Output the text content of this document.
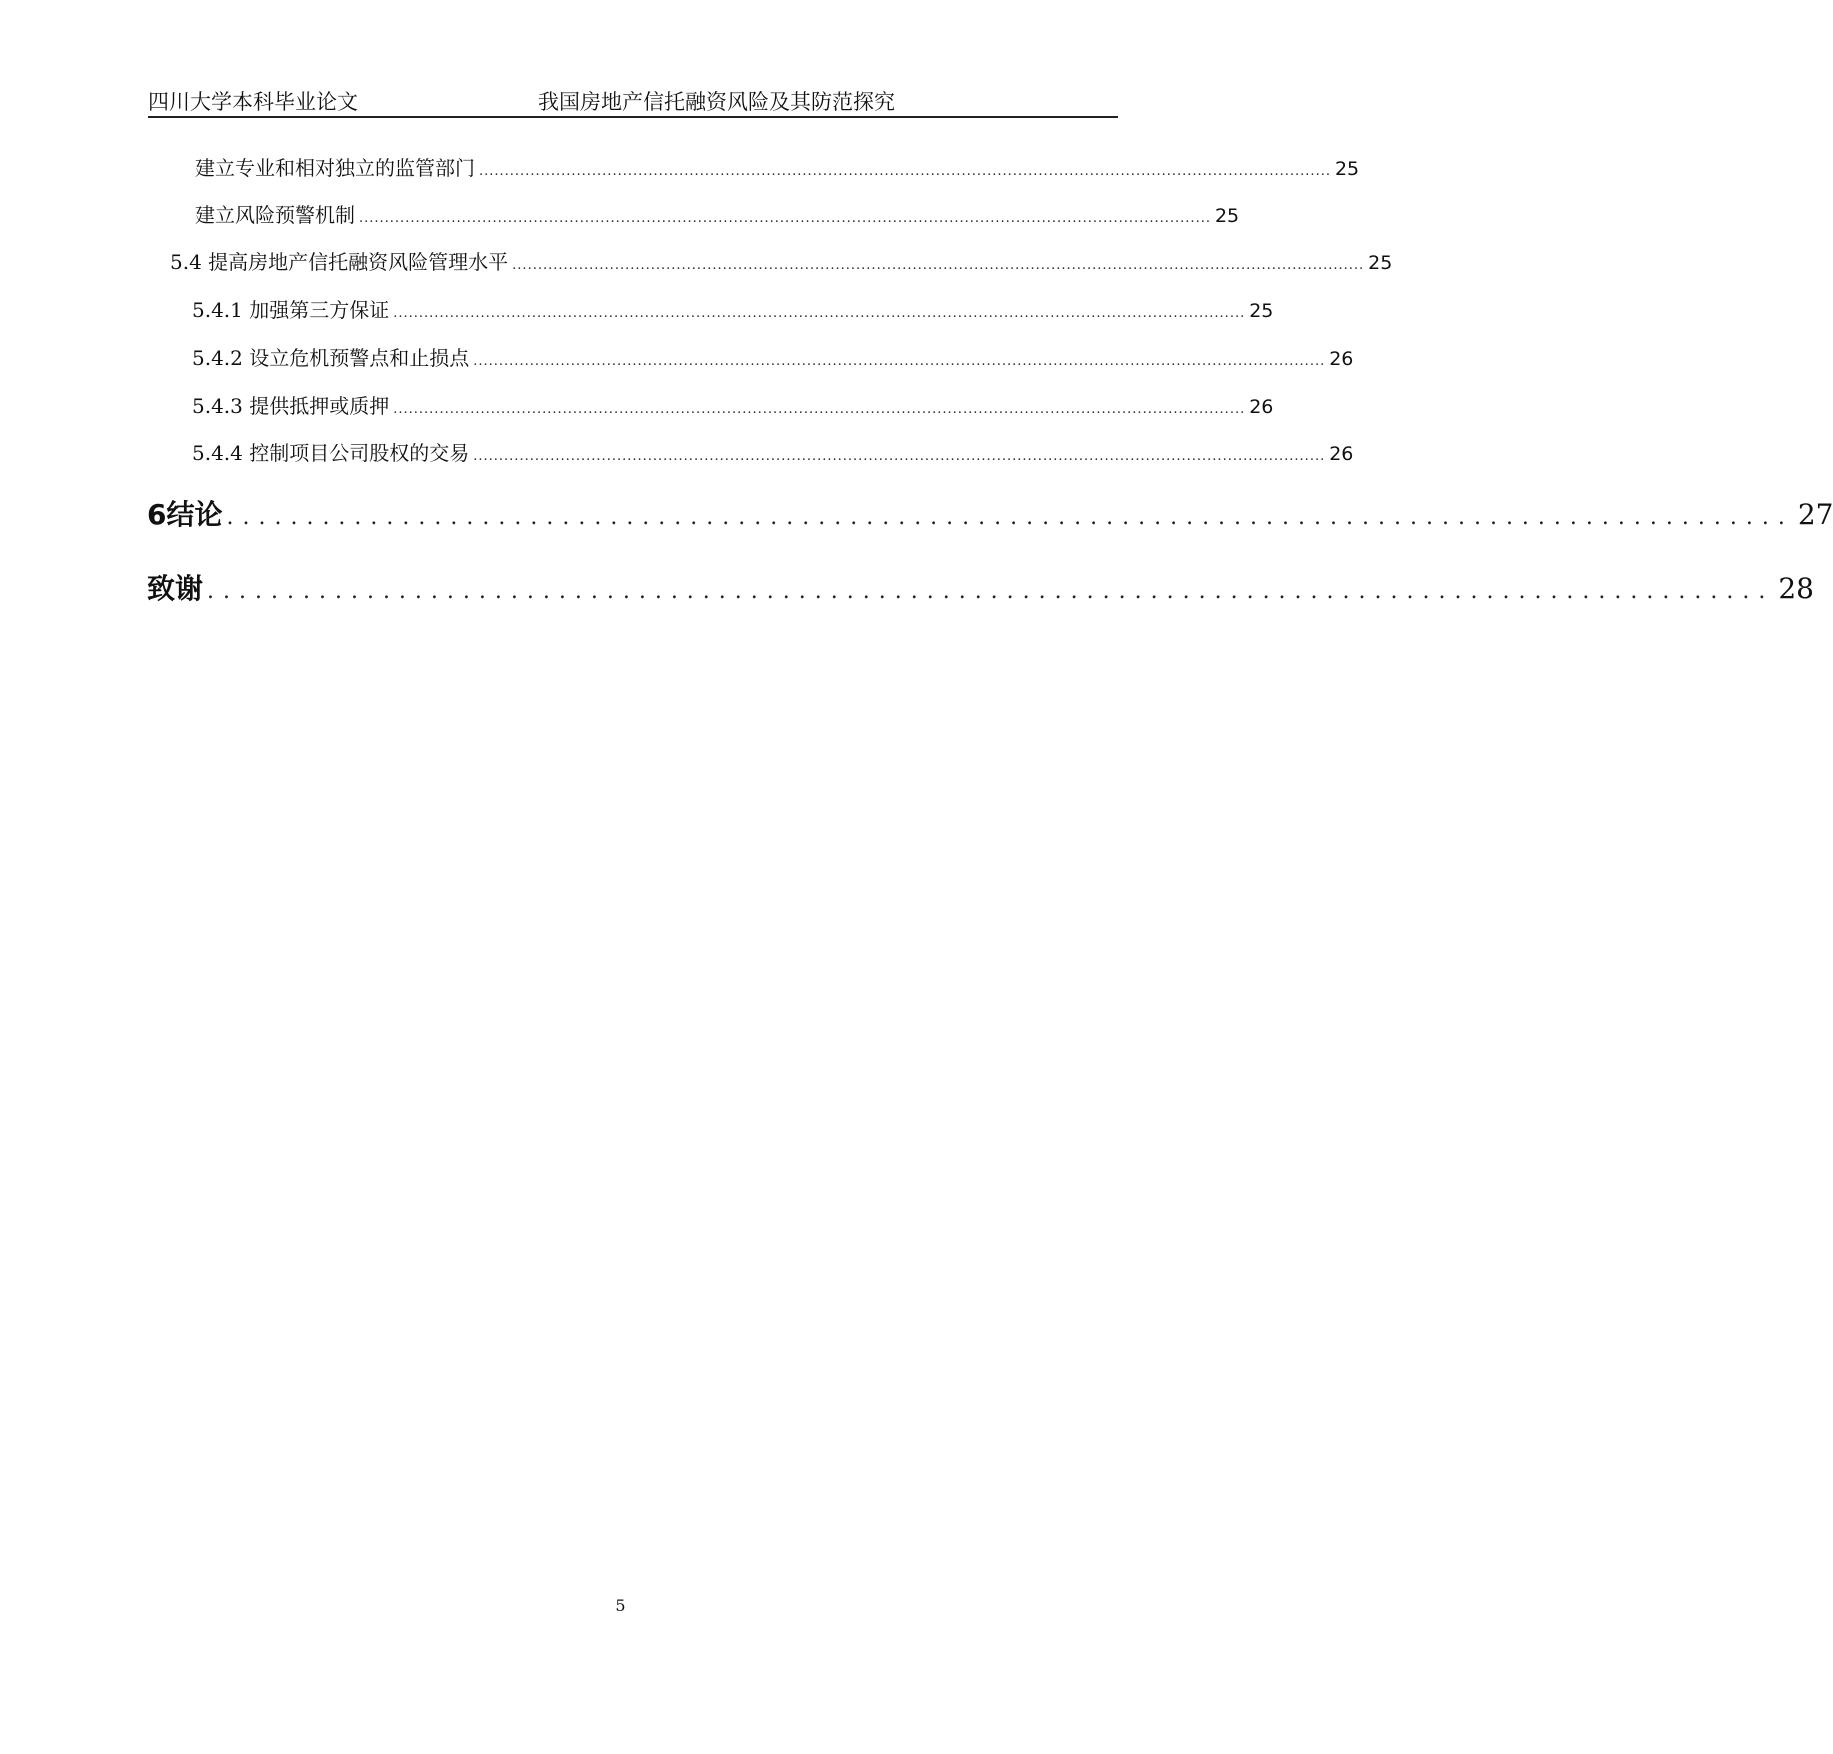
四川大学本科毕业论文	我国房地产信托融资风险及其防范探究
建立专业和相对独立的监管部门 ...................................................................................................................................................................... 25
建立风险预警机制 ...................................................................................................................................................................... 25
5.4 提高房地产信托融资风险管理水平 ...................................................................................................................................................................... 25
5.4.1 加强第三方保证 ...................................................................................................................................................................... 25
5.4.2 设立危机预警点和止损点 ...................................................................................................................................................................... 26
5.4.3 提供抵押或质押 ...................................................................................................................................................................... 26
5.4.4 控制项目公司股权的交易 ...................................................................................................................................................................... 26
6结论 .................................................................................................. 27
致谢 .................................................................................................. 28
5
